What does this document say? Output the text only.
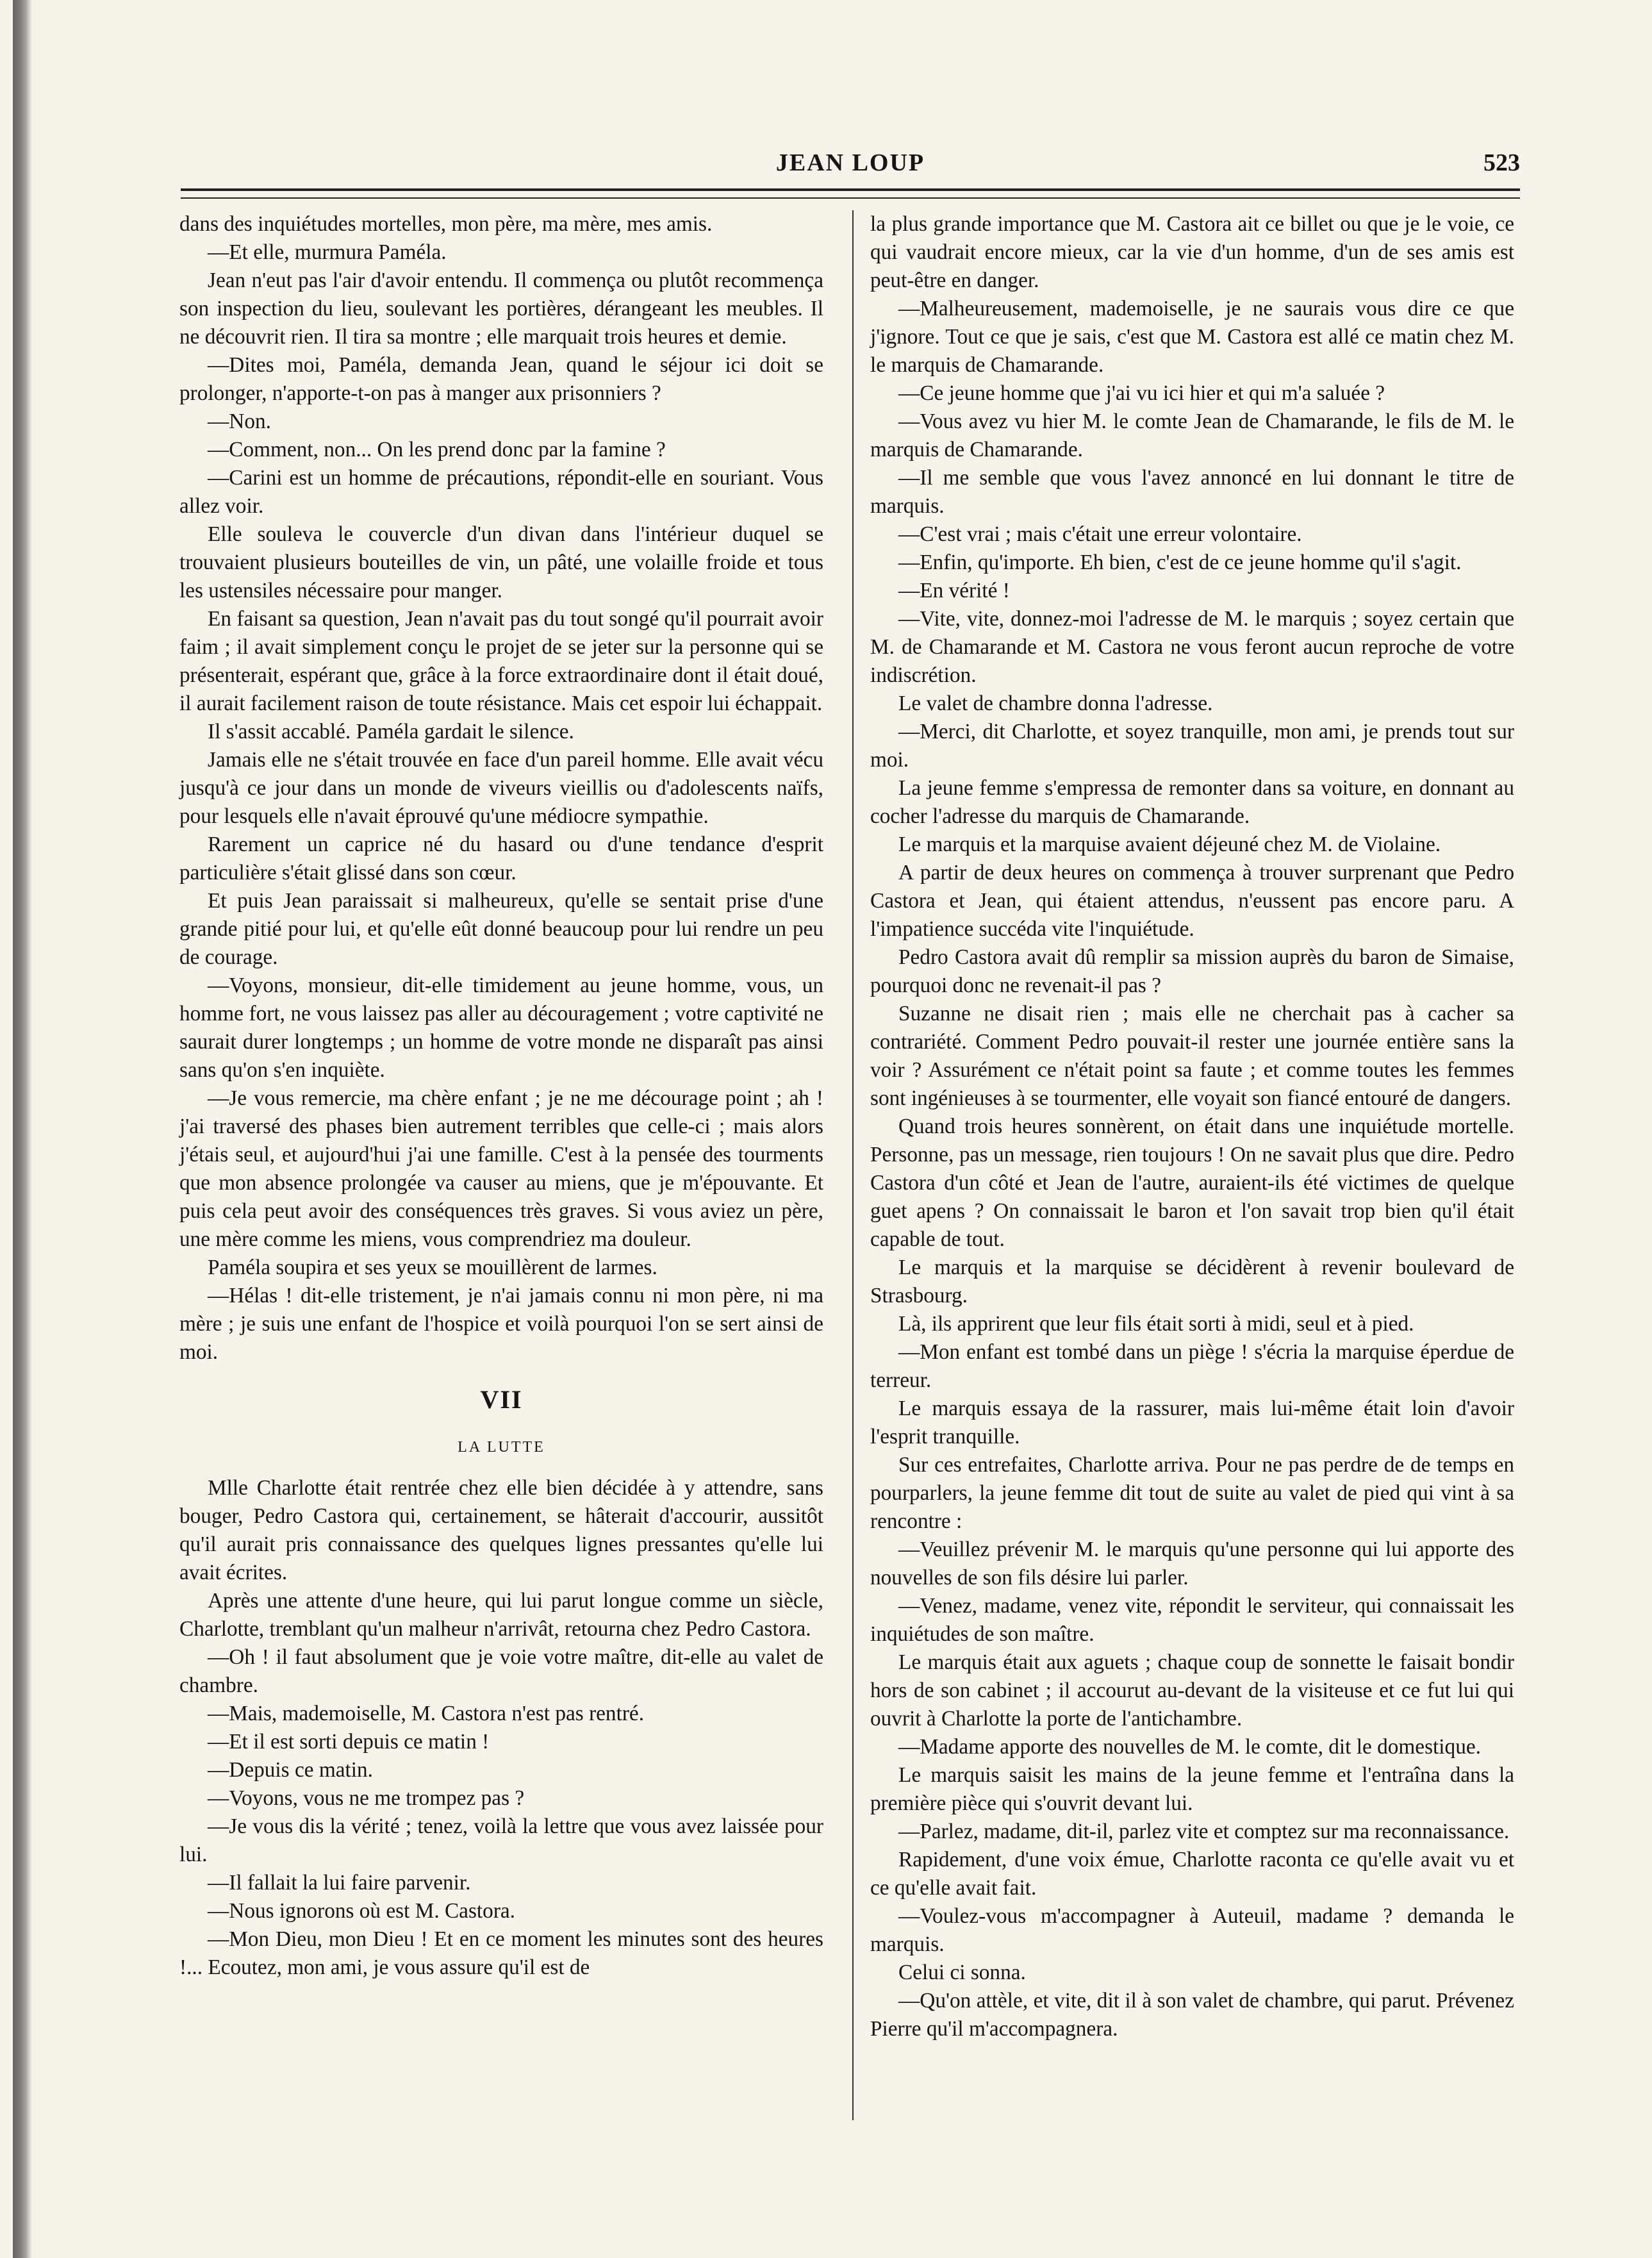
JEAN LOUP	523

dans des inquiétudes mortelles, mon père, ma mère, mes amis.

—Et elle, murmura Paméla.

Jean n'eut pas l'air d'avoir entendu. Il commença ou plutôt recommença son inspection du lieu, soulevant les portières, dérangeant les meubles. Il ne découvrit rien. Il tira sa montre ; elle marquait trois heures et demie.

—Dites moi, Paméla, demanda Jean, quand le séjour ici doit se prolonger, n'apporte-t-on pas à manger aux prisonniers ?

—Non.

—Comment, non... On les prend donc par la famine ?

—Carini est un homme de précautions, répondit-elle en souriant. Vous allez voir.

Elle souleva le couvercle d'un divan dans l'intérieur duquel se trouvaient plusieurs bouteilles de vin, un pâté, une volaille froide et tous les ustensiles nécessaire pour manger.

En faisant sa question, Jean n'avait pas du tout songé qu'il pourrait avoir faim ; il avait simplement conçu le projet de se jeter sur la personne qui se présenterait, espérant que, grâce à la force extraordinaire dont il était doué, il aurait facilement raison de toute résistance. Mais cet espoir lui échappait.

Il s'assit accablé. Paméla gardait le silence.

Jamais elle ne s'était trouvée en face d'un pareil homme. Elle avait vécu jusqu'à ce jour dans un monde de viveurs vieillis ou d'adolescents naïfs, pour lesquels elle n'avait éprouvé qu'une médiocre sympathie.

Rarement un caprice né du hasard ou d'une tendance d'esprit particulière s'était glissé dans son cœur.

Et puis Jean paraissait si malheureux, qu'elle se sentait prise d'une grande pitié pour lui, et qu'elle eût donné beaucoup pour lui rendre un peu de courage.

—Voyons, monsieur, dit-elle timidement au jeune homme, vous, un homme fort, ne vous laissez pas aller au découragement ; votre captivité ne saurait durer longtemps ; un homme de votre monde ne disparaît pas ainsi sans qu'on s'en inquiète.

—Je vous remercie, ma chère enfant ; je ne me décourage point ; ah ! j'ai traversé des phases bien autrement terribles que celle-ci ; mais alors j'étais seul, et aujourd'hui j'ai une famille. C'est à la pensée des tourments que mon absence prolongée va causer au miens, que je m'épouvante. Et puis cela peut avoir des conséquences très graves. Si vous aviez un père, une mère comme les miens, vous comprendriez ma douleur.

Paméla soupira et ses yeux se mouillèrent de larmes.

—Hélas ! dit-elle tristement, je n'ai jamais connu ni mon père, ni ma mère ; je suis une enfant de l'hospice et voilà pourquoi l'on se sert ainsi de moi.

VII
LA LUTTE

Mlle Charlotte était rentrée chez elle bien décidée à y attendre, sans bouger, Pedro Castora qui, certainement, se hâterait d'accourir, aussitôt qu'il aurait pris connaissance des quelques lignes pressantes qu'elle lui avait écrites.

Après une attente d'une heure, qui lui parut longue comme un siècle, Charlotte, tremblant qu'un malheur n'arrivât, retourna chez Pedro Castora.

—Oh ! il faut absolument que je voie votre maître, dit-elle au valet de chambre.

—Mais, mademoiselle, M. Castora n'est pas rentré.

—Et il est sorti depuis ce matin !

—Depuis ce matin.

—Voyons, vous ne me trompez pas ?

—Je vous dis la vérité ; tenez, voilà la lettre que vous avez laissée pour lui.

—Il fallait la lui faire parvenir.

—Nous ignorons où est M. Castora.

—Mon Dieu, mon Dieu ! Et en ce moment les minutes sont des heures !... Ecoutez, mon ami, je vous assure qu'il est de

la plus grande importance que M. Castora ait ce billet ou que je le voie, ce qui vaudrait encore mieux, car la vie d'un homme, d'un de ses amis est peut-être en danger.

—Malheureusement, mademoiselle, je ne saurais vous dire ce que j'ignore. Tout ce que je sais, c'est que M. Castora est allé ce matin chez M. le marquis de Chamarande.

—Ce jeune homme que j'ai vu ici hier et qui m'a saluée ?

—Vous avez vu hier M. le comte Jean de Chamarande, le fils de M. le marquis de Chamarande.

—Il me semble que vous l'avez annoncé en lui donnant le titre de marquis.

—C'est vrai ; mais c'était une erreur volontaire.

—Enfin, qu'importe. Eh bien, c'est de ce jeune homme qu'il s'agit.

—En vérité !

—Vite, vite, donnez-moi l'adresse de M. le marquis ; soyez certain que M. de Chamarande et M. Castora ne vous feront aucun reproche de votre indiscrétion.

Le valet de chambre donna l'adresse.

—Merci, dit Charlotte, et soyez tranquille, mon ami, je prends tout sur moi.

La jeune femme s'empressa de remonter dans sa voiture, en donnant au cocher l'adresse du marquis de Chamarande.

Le marquis et la marquise avaient déjeuné chez M. de Violaine.

A partir de deux heures on commença à trouver surprenant que Pedro Castora et Jean, qui étaient attendus, n'eussent pas encore paru. A l'impatience succéda vite l'inquiétude.

Pedro Castora avait dû remplir sa mission auprès du baron de Simaise, pourquoi donc ne revenait-il pas ?

Suzanne ne disait rien ; mais elle ne cherchait pas à cacher sa contrariété. Comment Pedro pouvait-il rester une journée entière sans la voir ? Assurément ce n'était point sa faute ; et comme toutes les femmes sont ingénieuses à se tourmenter, elle voyait son fiancé entouré de dangers.

Quand trois heures sonnèrent, on était dans une inquiétude mortelle. Personne, pas un message, rien toujours ! On ne savait plus que dire. Pedro Castora d'un côté et Jean de l'autre, auraient-ils été victimes de quelque guet apens ? On connaissait le baron et l'on savait trop bien qu'il était capable de tout.

Le marquis et la marquise se décidèrent à revenir boulevard de Strasbourg.

Là, ils apprirent que leur fils était sorti à midi, seul et à pied.

—Mon enfant est tombé dans un piège ! s'écria la marquise éperdue de terreur.

Le marquis essaya de la rassurer, mais lui-même était loin d'avoir l'esprit tranquille.

Sur ces entrefaites, Charlotte arriva. Pour ne pas perdre de de temps en pourparlers, la jeune femme dit tout de suite au valet de pied qui vint à sa rencontre :

—Veuillez prévenir M. le marquis qu'une personne qui lui apporte des nouvelles de son fils désire lui parler.

—Venez, madame, venez vite, répondit le serviteur, qui connaissait les inquiétudes de son maître.

Le marquis était aux aguets ; chaque coup de sonnette le faisait bondir hors de son cabinet ; il accourut au-devant de la visiteuse et ce fut lui qui ouvrit à Charlotte la porte de l'antichambre.

—Madame apporte des nouvelles de M. le comte, dit le domestique.

Le marquis saisit les mains de la jeune femme et l'entraîna dans la première pièce qui s'ouvrit devant lui.

—Parlez, madame, dit-il, parlez vite et comptez sur ma reconnaissance.

Rapidement, d'une voix émue, Charlotte raconta ce qu'elle avait vu et ce qu'elle avait fait.

—Voulez-vous m'accompagner à Auteuil, madame ? demanda le marquis.

Celui ci sonna.

—Qu'on attèle, et vite, dit il à son valet de chambre, qui parut. Prévenez Pierre qu'il m'accompagnera.
